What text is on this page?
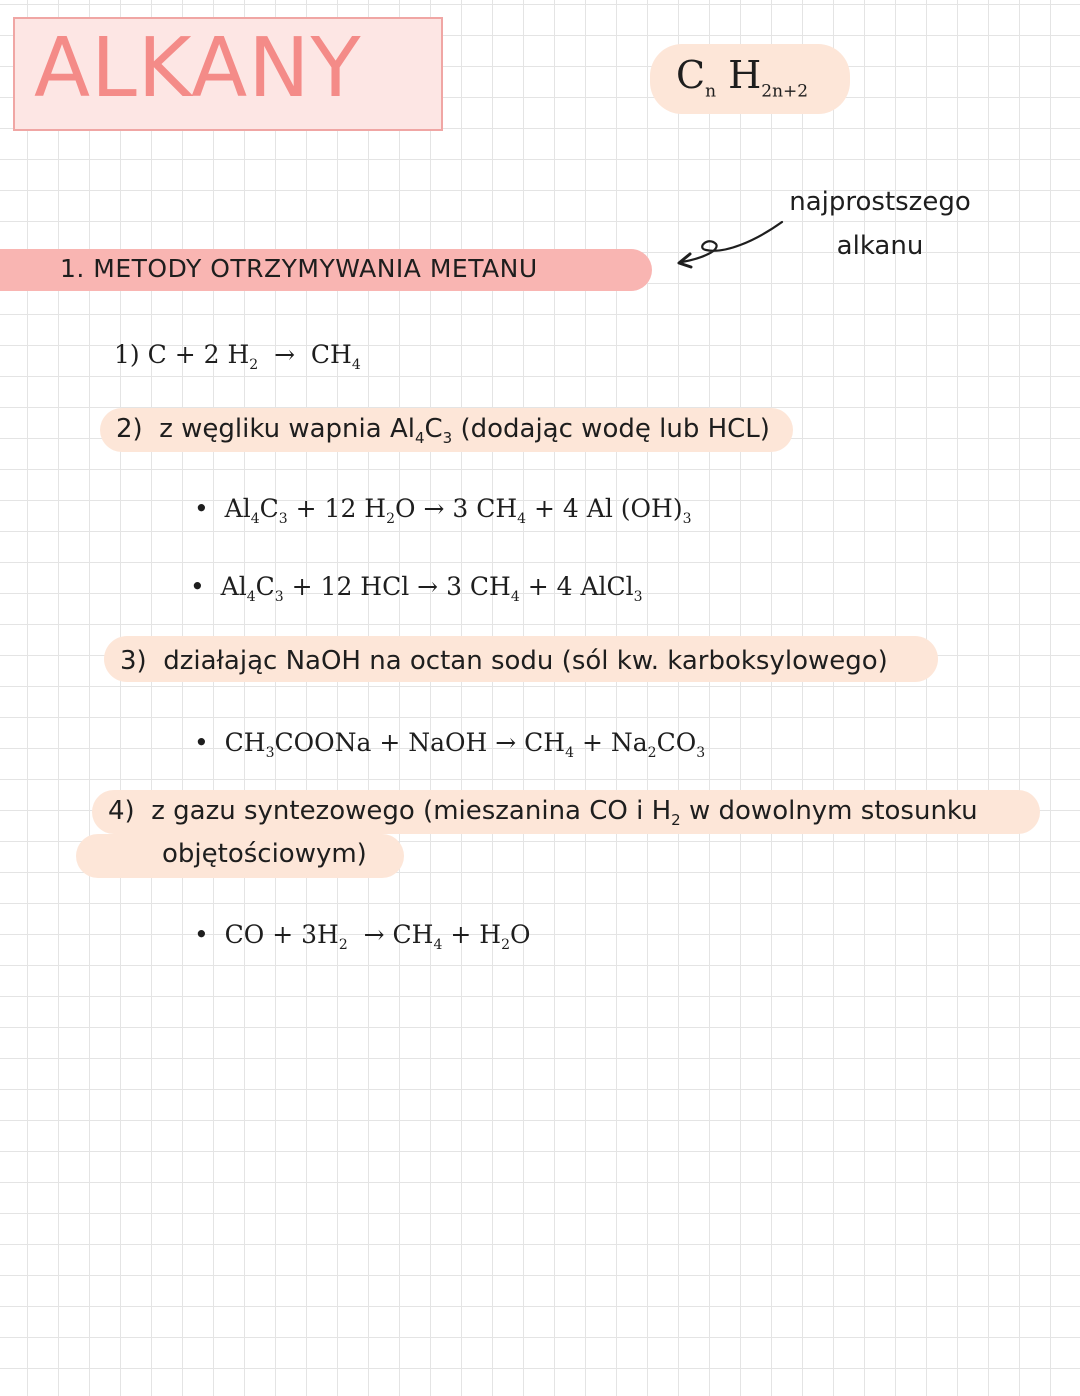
ALKANY	$C_n$ $H_{2n+2}$
najprostszego
alkanu
1. METODY OTRZYMYWANIA METANU
1) C + 2 $H_2 \to CH_4$
2) z węgliku wapnia $Al_4C_3$ (dodając wodę lub HCL)
• $Al_4C_3 + 12$ $H_2O \to 3$ $CH_4 + 4$ Al $(OH)_3$
• $Al_4C_3 + 12$ HCl → 3 $CH_4 + 4$ AlCl$_3$
3) działając NaOH na octan sodu (sól kw. karboksylowego)
• $CH_3COONa$ + NaOH → $CH_4 + Na_2CO_3$
4) z gazu syntezowego (mieszanina CO i $H_2$ w dowolnym stosunku
objętościowym)
• CO + $3H_2 \to CH_4 + H_2O$
